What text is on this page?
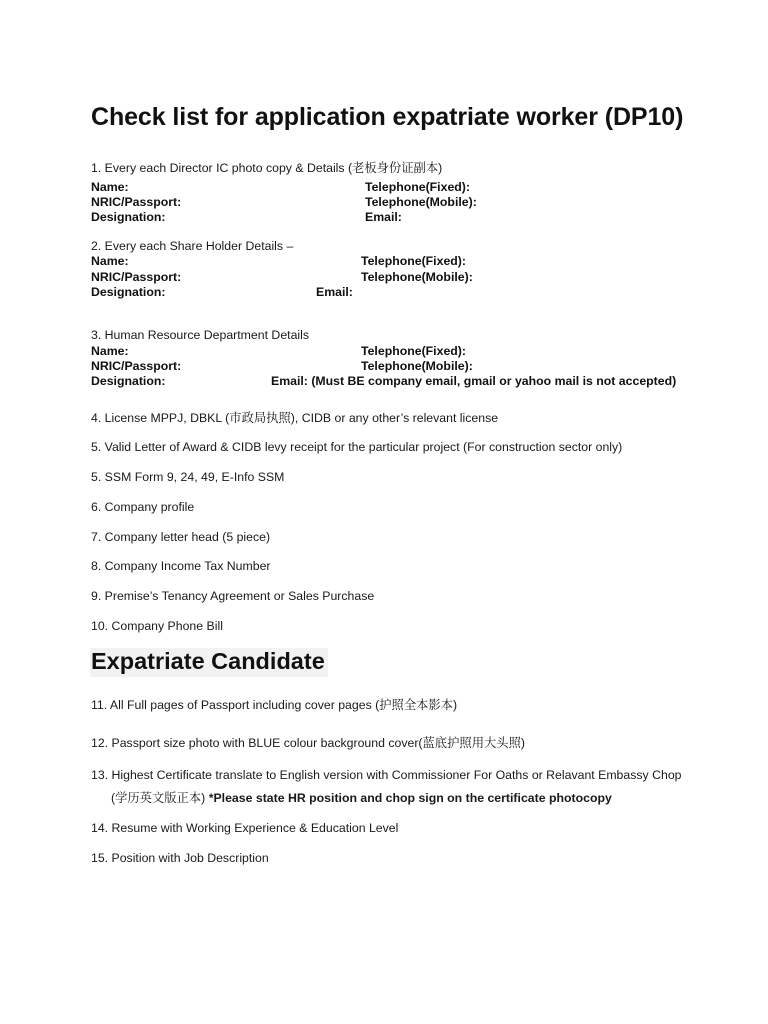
Check list for application expatriate worker (DP10)
1. Every each Director IC photo copy & Details (老板身份证副本)
Name:
NRIC/Passport:
Designation:
Telephone(Fixed):
Telephone(Mobile):
Email:
2. Every each Share Holder Details –
Name:
NRIC/Passport:
Designation:
Telephone(Fixed):
Telephone(Mobile):
Email:
3. Human Resource Department Details
Name:
NRIC/Passport:
Designation:
Telephone(Fixed):
Telephone(Mobile):
Email: (Must BE company email, gmail or yahoo mail is not accepted)
4. License MPPJ, DBKL (市政局执照), CIDB or any other’s relevant license
5. Valid Letter of Award & CIDB levy receipt for the particular project (For construction sector only)
5. SSM Form 9, 24, 49, E-Info SSM
6. Company profile
7. Company letter head (5 piece)
8. Company Income Tax Number
9. Premise’s Tenancy Agreement or Sales Purchase
10. Company Phone Bill
Expatriate Candidate
11. All Full pages of Passport including cover pages (护照全本影本)
12. Passport size photo with BLUE colour background cover(蓝底护照用大头照)
13. Highest Certificate translate to English version with Commissioner For Oaths or Relavant Embassy Chop
(学历英文版正本) *Please state HR position and chop sign on the certificate photocopy
14. Resume with Working Experience & Education Level
15. Position with Job Description
